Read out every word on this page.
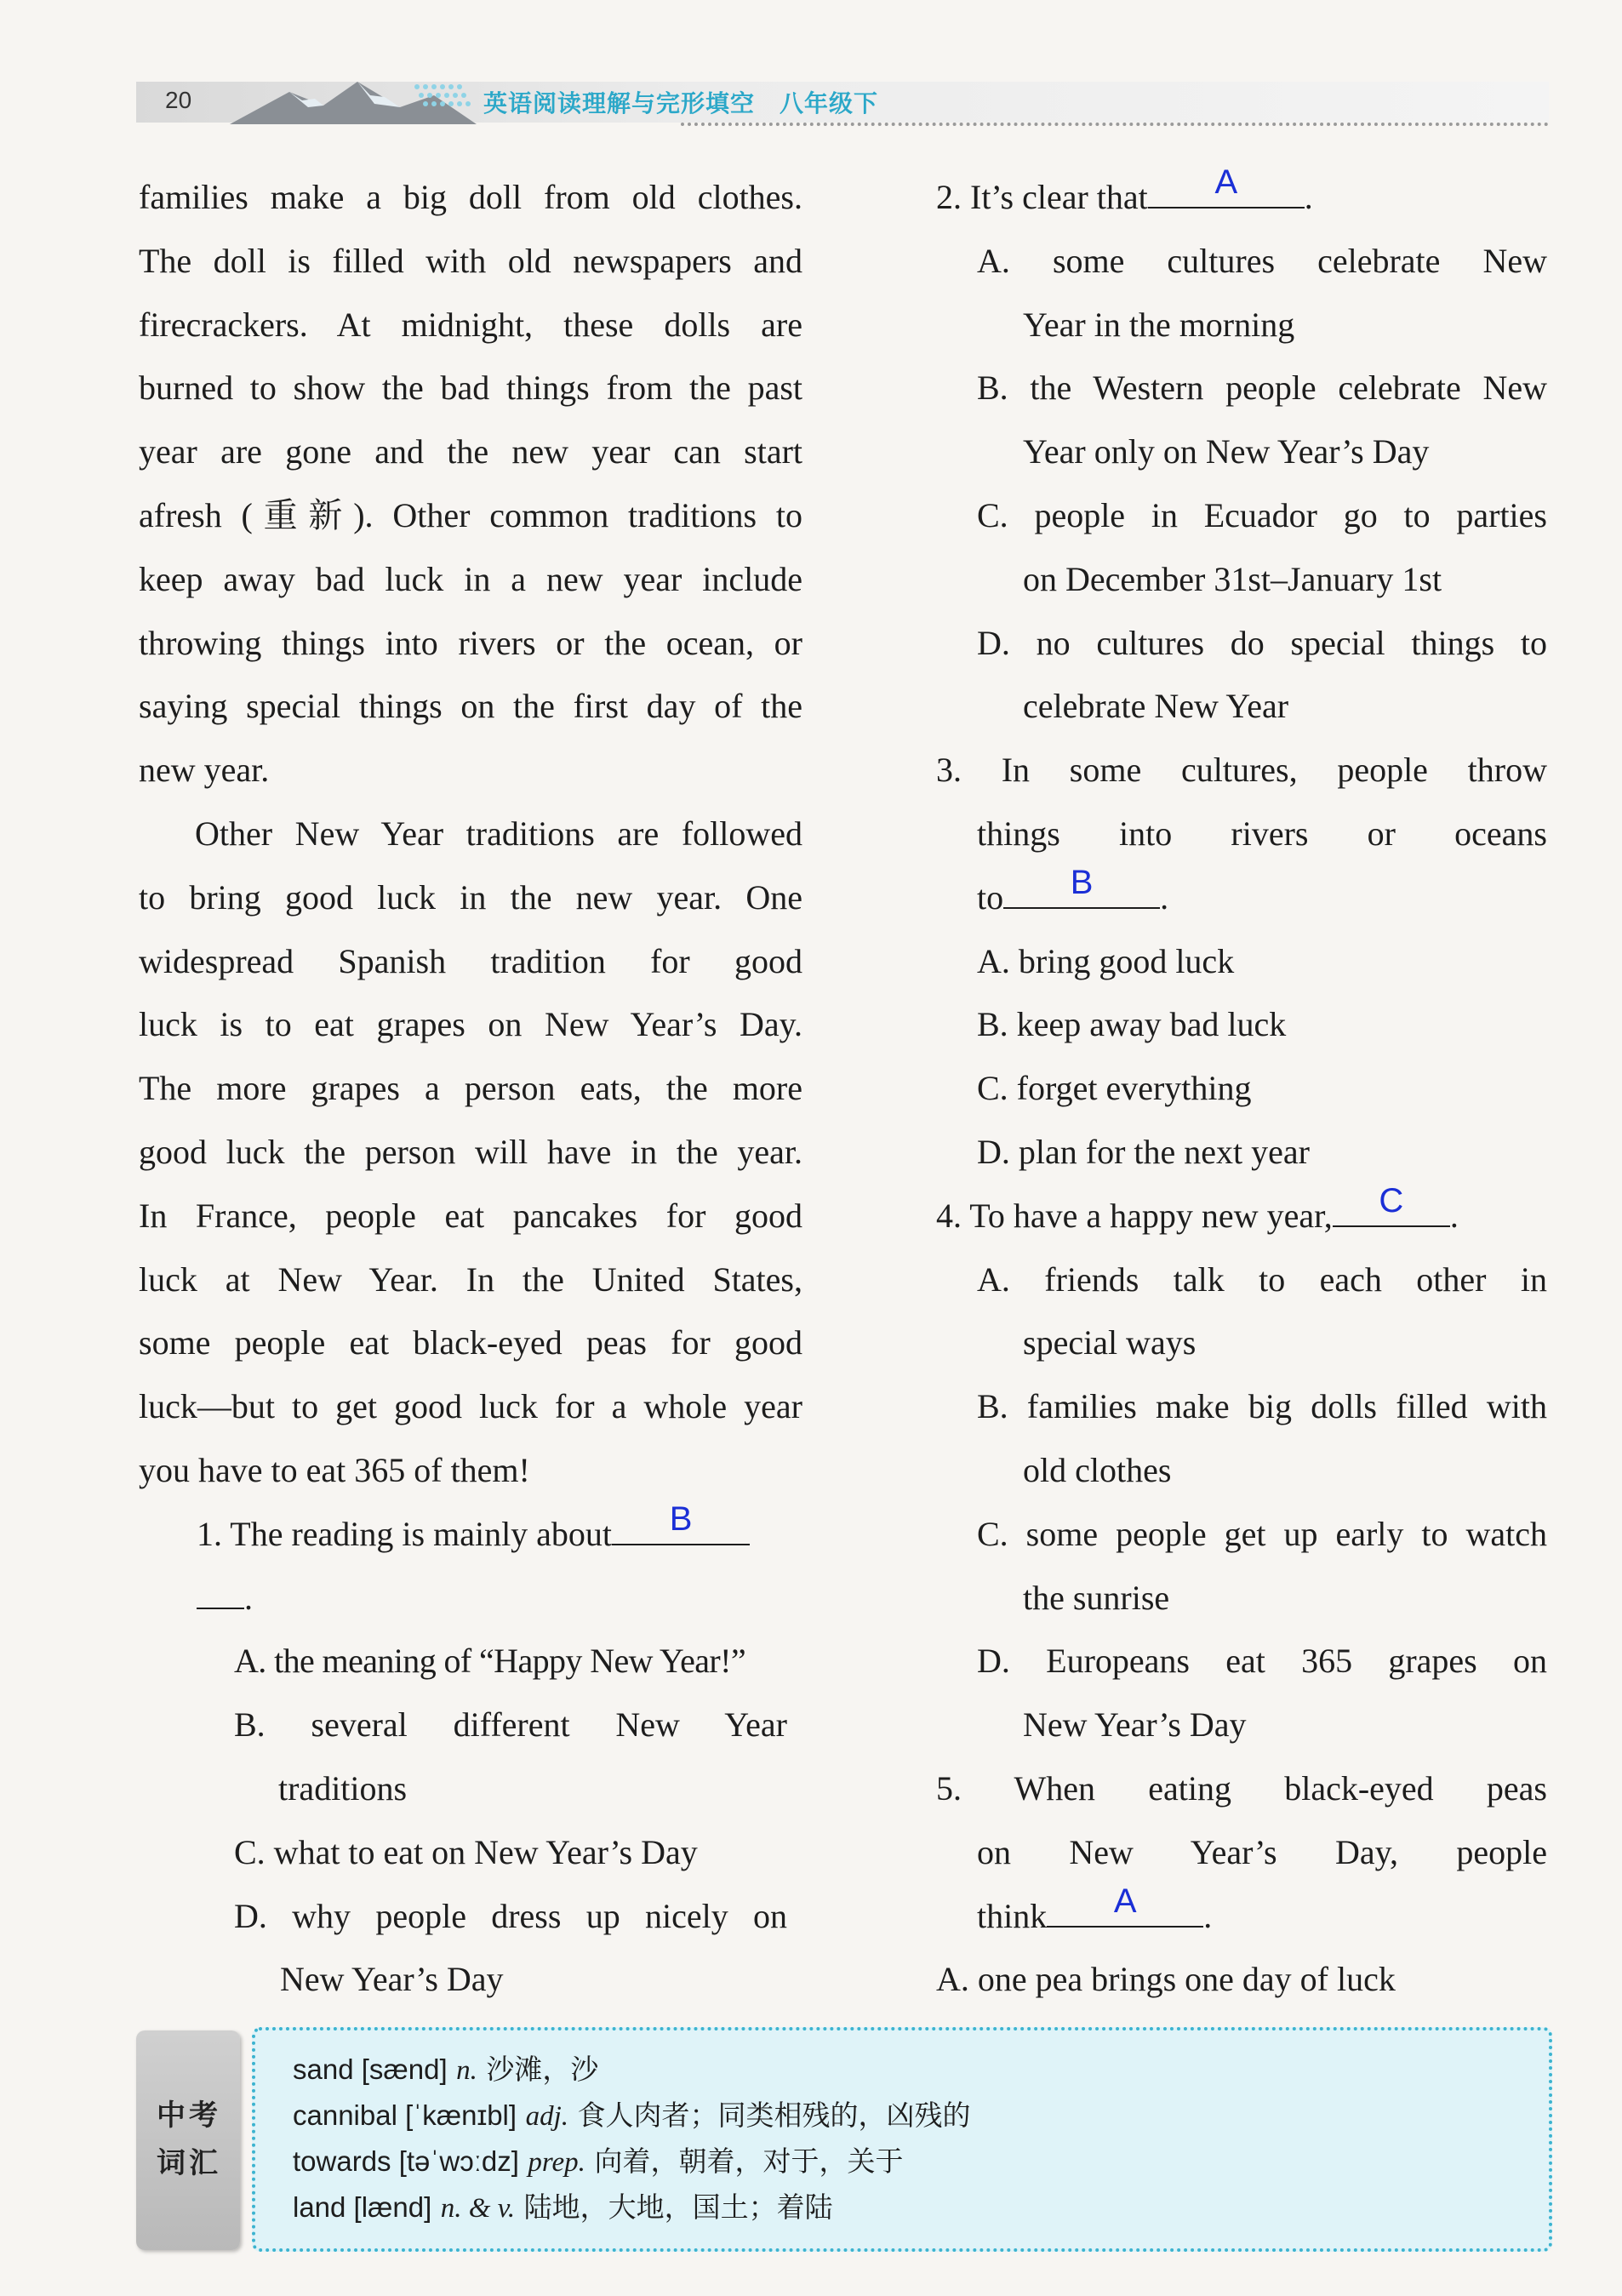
20	英语阅读理解与完形填空　八年级下
families make a big doll from old clothes.
The doll is filled with old newspapers and
firecrackers. At midnight, these dolls are
burned to show the bad things from the past
year are gone and the new year can start
afresh (重新). Other common traditions to
keep away bad luck in a new year include
throwing things into rivers or the ocean, or
saying special things on the first day of the
new year.
Other New Year traditions are followed
to bring good luck in the new year. One
widespread Spanish tradition for good
luck is to eat grapes on New Year’s Day.
The more grapes a person eats, the more
good luck the person will have in the year.
In France, people eat pancakes for good
luck at New Year. In the United States,
some people eat black-eyed peas for good
luck—but to get good luck for a whole year
you have to eat 365 of them!
1. The reading is mainly about	B
.
A. the meaning of “Happy New Year!”
B. several different New Year
traditions
C. what to eat on New Year’s Day
D. why people dress up nicely on
New Year’s Day
2. It’s clear that	A	.
A. some cultures celebrate New
Year in the morning
B. the Western people celebrate New
Year only on New Year’s Day
C. people in Ecuador go to parties
on December 31st–January 1st
D. no cultures do special things to
celebrate New Year
3. In some cultures, people throw
things into rivers or oceans
to	B	.
A. bring good luck
B. keep away bad luck
C. forget everything
D. plan for the next year
4. To have a happy new year,	C	.
A. friends talk to each other in
special ways
B. families make big dolls filled with
old clothes
C. some people get up early to watch
the sunrise
D. Europeans eat 365 grapes on
New Year’s Day
5. When eating black-eyed peas
on New Year’s Day, people
think	A	.
A. one pea brings one day of luck
中考
词汇
sand [sænd] n. 沙滩，沙
cannibal [ˈkænɪbl] adj. 食人肉者；同类相残的，凶残的
towards [təˈwɔːdz] prep. 向着，朝着，对于，关于
land [lænd] n. & v. 陆地，大地，国土；着陆
